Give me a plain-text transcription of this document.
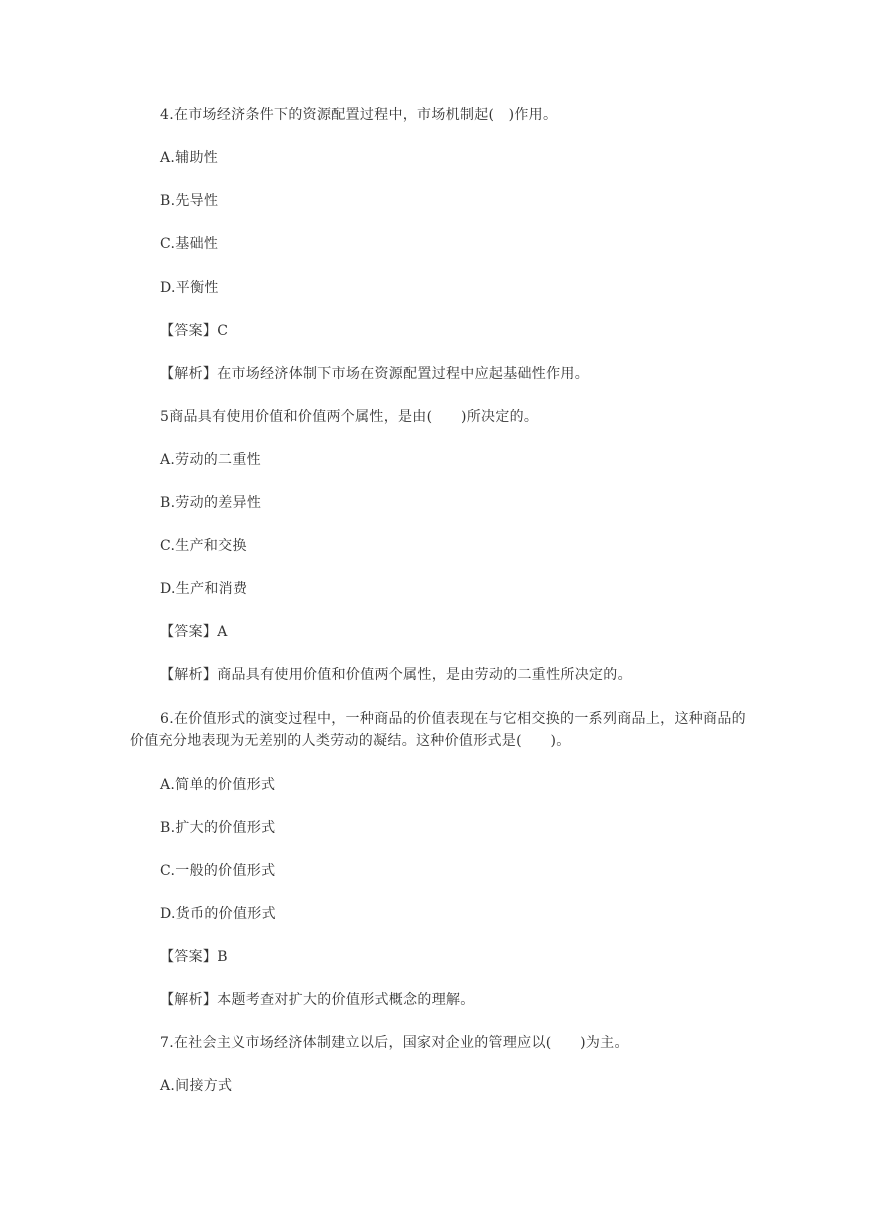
4.在市场经济条件下的资源配置过程中，市场机制起(　)作用。
A.辅助性
B.先导性
C.基础性
D.平衡性
【答案】C
【解析】在市场经济体制下市场在资源配置过程中应起基础性作用。
5商品具有使用价值和价值两个属性，是由(　　)所决定的。
A.劳动的二重性
B.劳动的差异性
C.生产和交换
D.生产和消费
【答案】A
【解析】商品具有使用价值和价值两个属性，是由劳动的二重性所决定的。
6.在价值形式的演变过程中，一种商品的价值表现在与它相交换的一系列商品上，这种商品的价值充分地表现为无差别的人类劳动的凝结。这种价值形式是(　　)。
A.简单的价值形式
B.扩大的价值形式
C.一般的价值形式
D.货币的价值形式
【答案】B
【解析】本题考查对扩大的价值形式概念的理解。
7.在社会主义市场经济体制建立以后，国家对企业的管理应以(　　)为主。
A.间接方式
